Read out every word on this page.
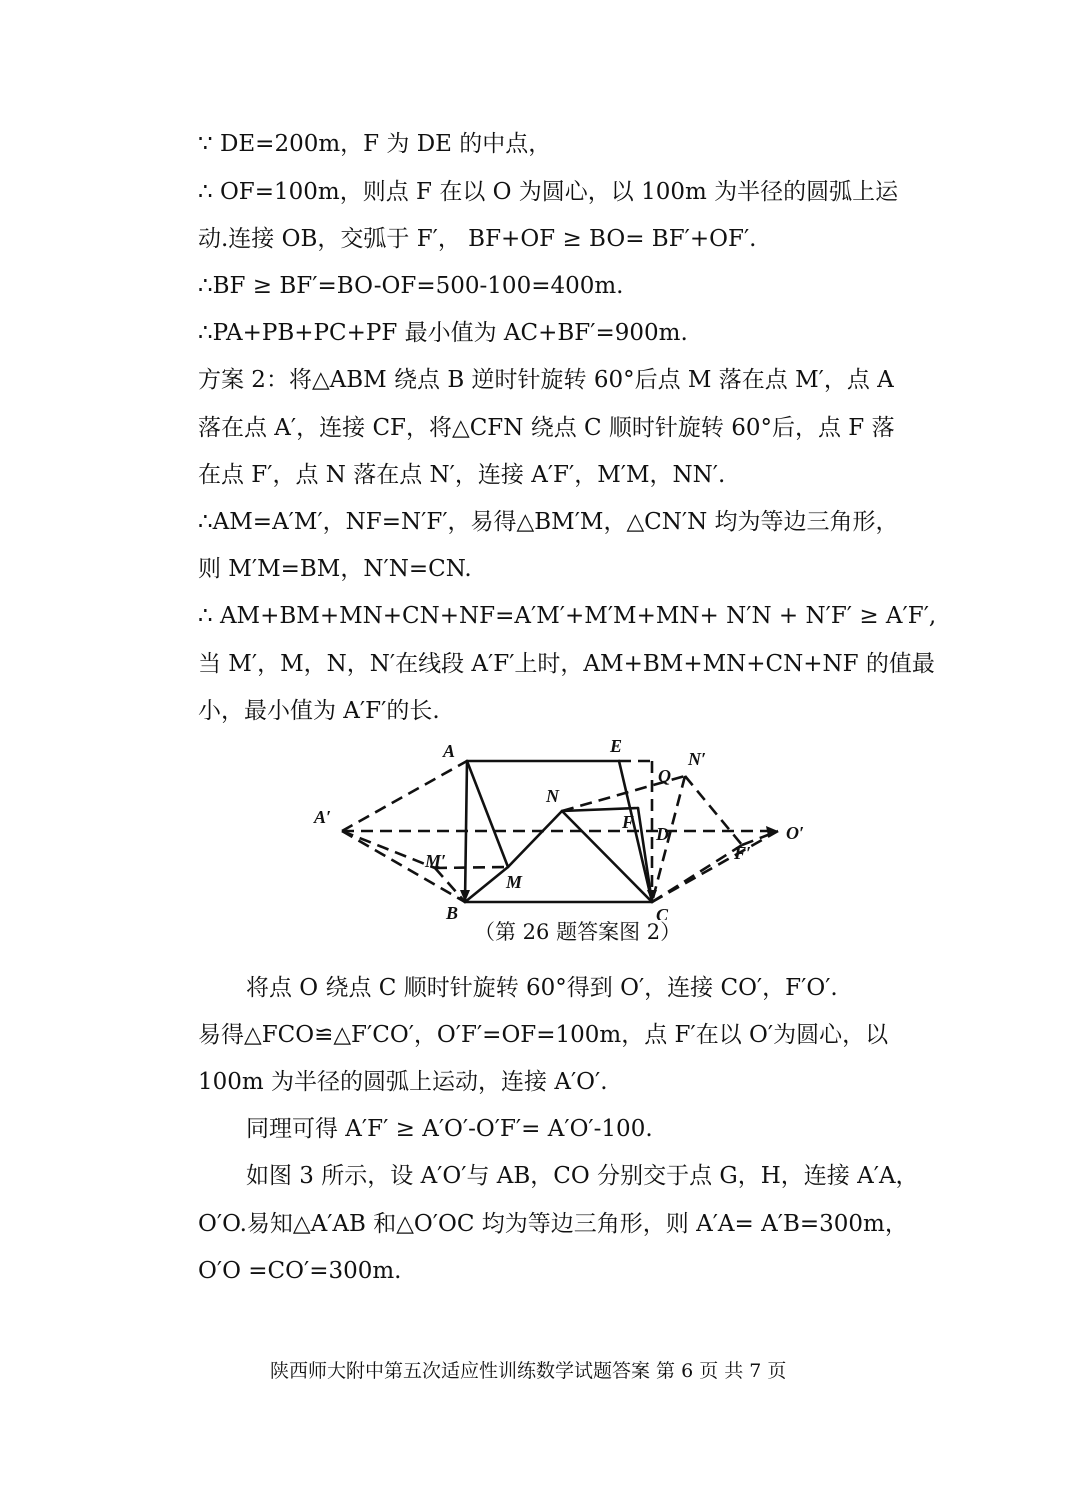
∵ DE=200m，F 为 DE 的中点，
∴ OF=100m，则点 F 在以 O 为圆心，以 100m 为半径的圆弧上运
动.连接 OB，交弧于 F′， BF+OF ≥ BO= BF′+OF′.
∴BF ≥ BF′=BO-OF=500-100=400m.
∴PA+PB+PC+PF 最小值为 AC+BF′=900m.
方案 2：将△ABM 绕点 B 逆时针旋转 60°后点 M 落在点 M′，点 A
落在点 A′，连接 CF，将△CFN 绕点 C 顺时针旋转 60°后，点 F 落
在点 F′，点 N 落在点 N′，连接 A′F′，M′M，NN′.
∴AM=A′M′，NF=N′F′，易得△BM′M，△CN′N 均为等边三角形，
则 M′M=BM，N′N=CN.
∴ AM+BM+MN+CN+NF=A′M′+M′M+MN+ N′N + N′F′ ≥ A′F′,
当 M′，M，N，N′在线段 A′F′上时，AM+BM+MN+CN+NF 的值最
小，最小值为 A′F′的长.
A	E
N′
Q
N
A′	F
D	O′
F′
M′
M
B	C
（第 26 题答案图 2）
将点 O 绕点 C 顺时针旋转 60°得到 O′，连接 CO′，F′O′.
易得△FCO≌△F′CO′，O′F′=OF=100m，点 F′在以 O′为圆心，以
100m 为半径的圆弧上运动，连接 A′O′.
同理可得 A′F′ ≥ A′O′-O′F′= A′O′-100.
如图 3 所示，设 A′O′与 AB，CO 分别交于点 G，H，连接 A′A，
O′O.易知△A′AB 和△O′OC 均为等边三角形，则 A′A= A′B=300m，
O′O =CO′=300m.
陕西师大附中第五次适应性训练数学试题答案 第 6 页 共 7 页
